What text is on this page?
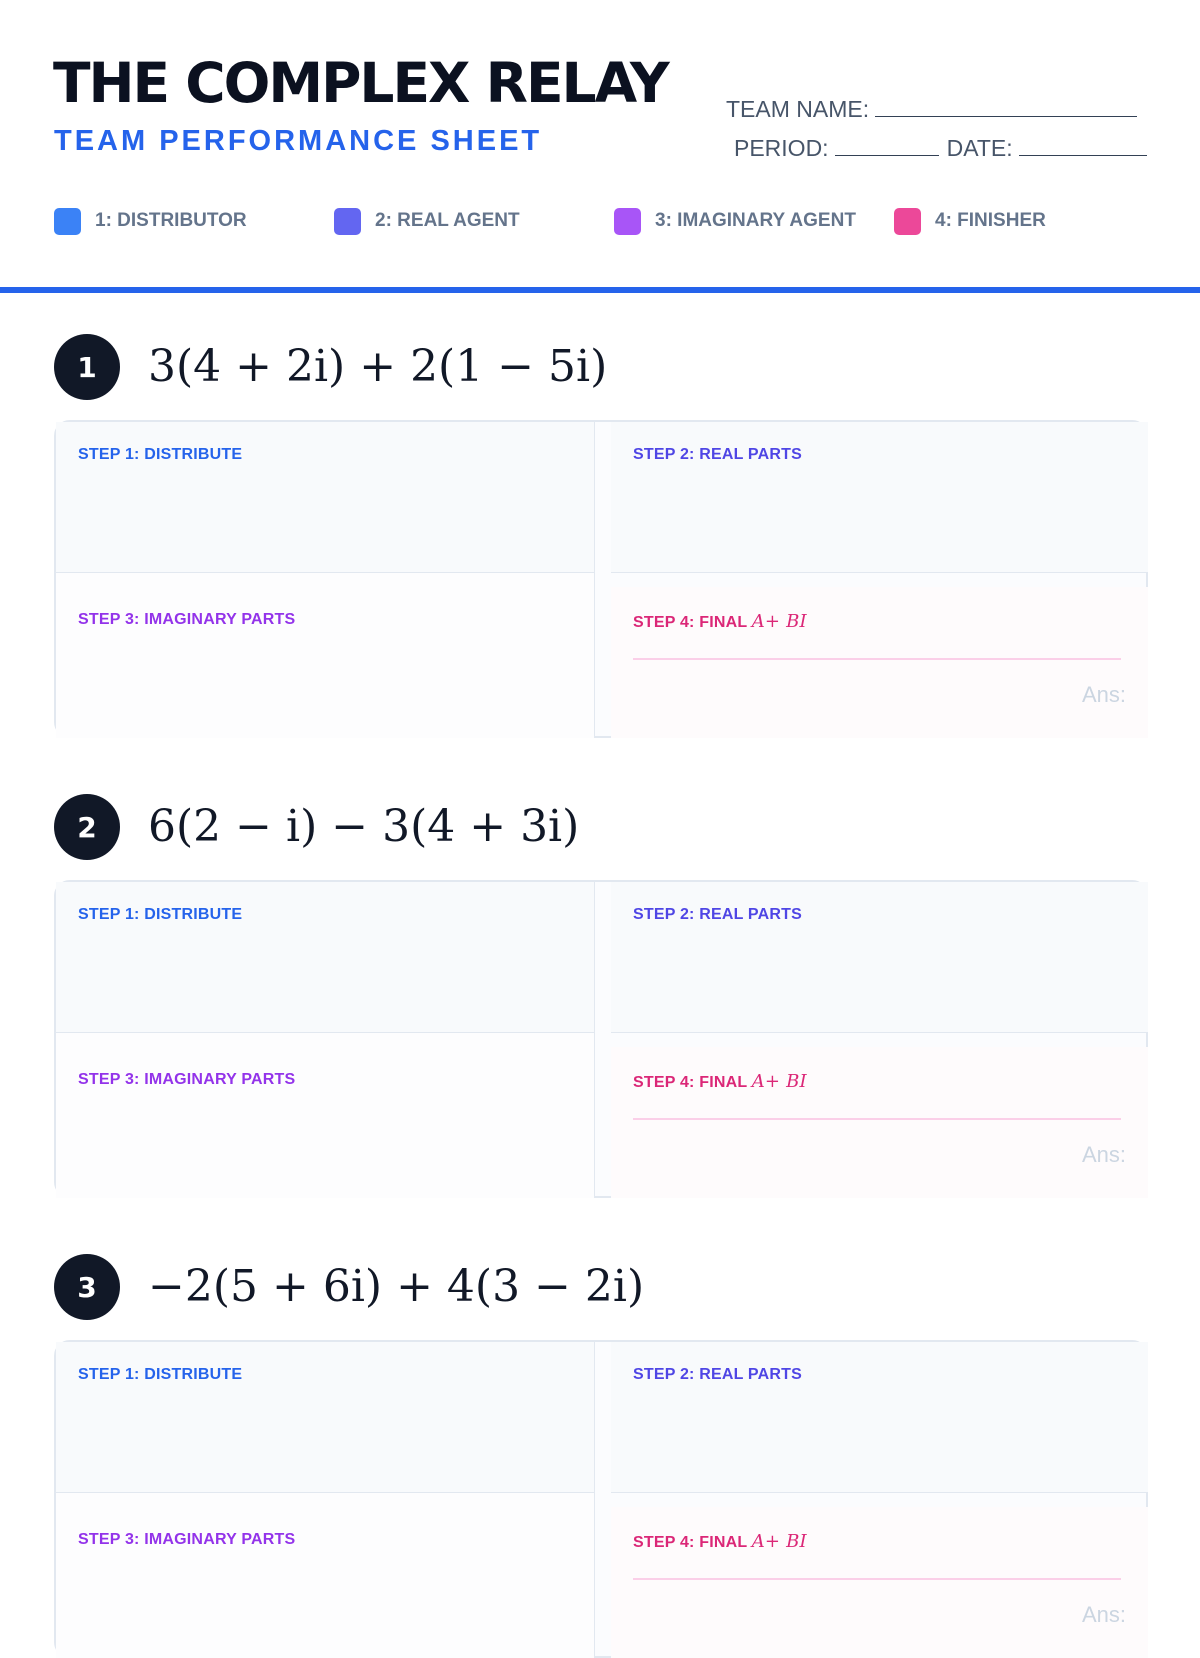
THE COMPLEX RELAY
TEAM PERFORMANCE SHEET
TEAM NAME:
PERIOD:	DATE:
1: DISTRIBUTOR	2: REAL AGENT	3: IMAGINARY AGENT	4: FINISHER
1	3(4 + 2i) + 2(1 − 5i)
STEP 1: DISTRIBUTE	STEP 2: REAL PARTS
STEP 3: IMAGINARY PARTS	STEP 4: FINAL A+ BI
Ans:
2	6(2 − i) − 3(4 + 3i)
STEP 1: DISTRIBUTE	STEP 2: REAL PARTS
STEP 3: IMAGINARY PARTS	STEP 4: FINAL A+ BI
Ans:
3	−2(5 + 6i) + 4(3 − 2i)
STEP 1: DISTRIBUTE	STEP 2: REAL PARTS
STEP 3: IMAGINARY PARTS	STEP 4: FINAL A+ BI
Ans:
